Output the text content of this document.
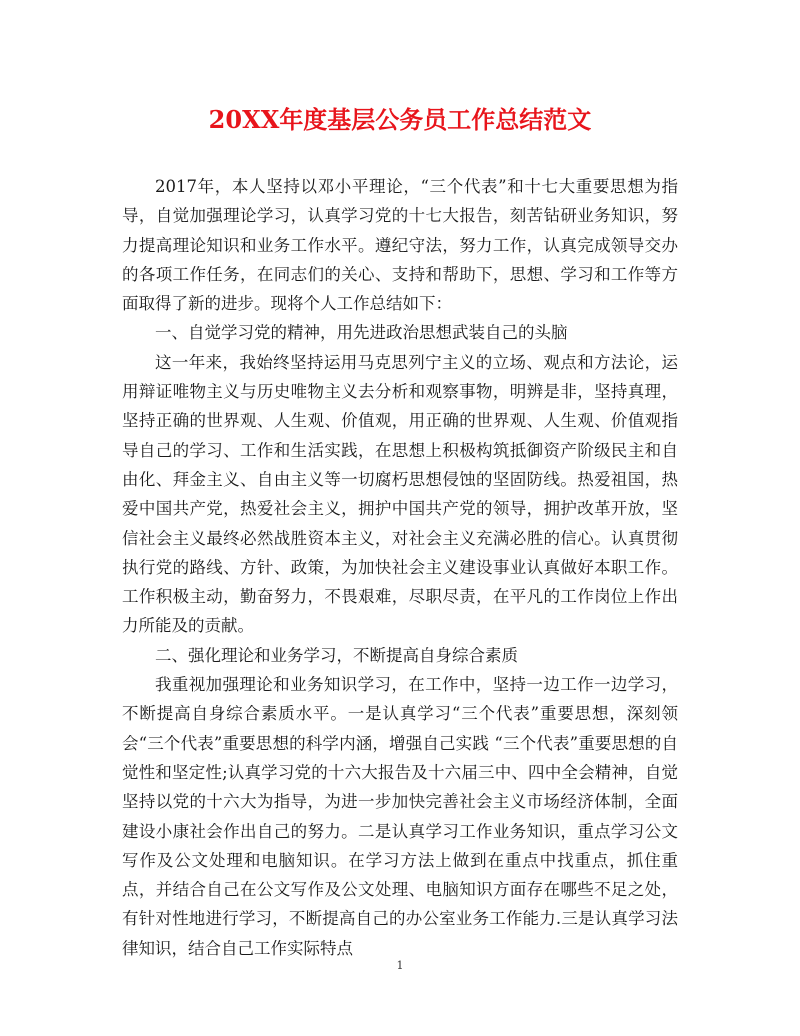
20XX年度基层公务员工作总结范文

2017年，本人坚持以邓小平理论，“三个代表”和十七大重要思想为指导，自觉加强理论学习，认真学习党的十七大报告，刻苦钻研业务知识，努力提高理论知识和业务工作水平。遵纪守法，努力工作，认真完成领导交办的各项工作任务，在同志们的关心、支持和帮助下，思想、学习和工作等方面取得了新的进步。现将个人工作总结如下：

一、自觉学习党的精神，用先进政治思想武装自己的头脑

这一年来，我始终坚持运用马克思列宁主义的立场、观点和方法论，运用辩证唯物主义与历史唯物主义去分析和观察事物，明辨是非，坚持真理，坚持正确的世界观、人生观、价值观，用正确的世界观、人生观、价值观指导自己的学习、工作和生活实践，在思想上积极构筑抵御资产阶级民主和自由化、拜金主义、自由主义等一切腐朽思想侵蚀的坚固防线。热爱祖国，热爱中国共产党，热爱社会主义，拥护中国共产党的领导，拥护改革开放，坚信社会主义最终必然战胜资本主义，对社会主义充满必胜的信心。认真贯彻执行党的路线、方针、政策，为加快社会主义建设事业认真做好本职工作。工作积极主动，勤奋努力，不畏艰难，尽职尽责，在平凡的工作岗位上作出力所能及的贡献。

二、强化理论和业务学习，不断提高自身综合素质

我重视加强理论和业务知识学习，在工作中，坚持一边工作一边学习，不断提高自身综合素质水平。一是认真学习“三个代表”重要思想，深刻领会“三个代表”重要思想的科学内涵，增强自己实践 “三个代表”重要思想的自觉性和坚定性;认真学习党的十六大报告及十六届三中、四中全会精神，自觉坚持以党的十六大为指导，为进一步加快完善社会主义市场经济体制，全面建设小康社会作出自己的努力。二是认真学习工作业务知识，重点学习公文写作及公文处理和电脑知识。在学习方法上做到在重点中找重点，抓住重点，并结合自己在公文写作及公文处理、电脑知识方面存在哪些不足之处，有针对性地进行学习，不断提高自己的办公室业务工作能力.三是认真学习法律知识，结合自己工作实际特点

1
